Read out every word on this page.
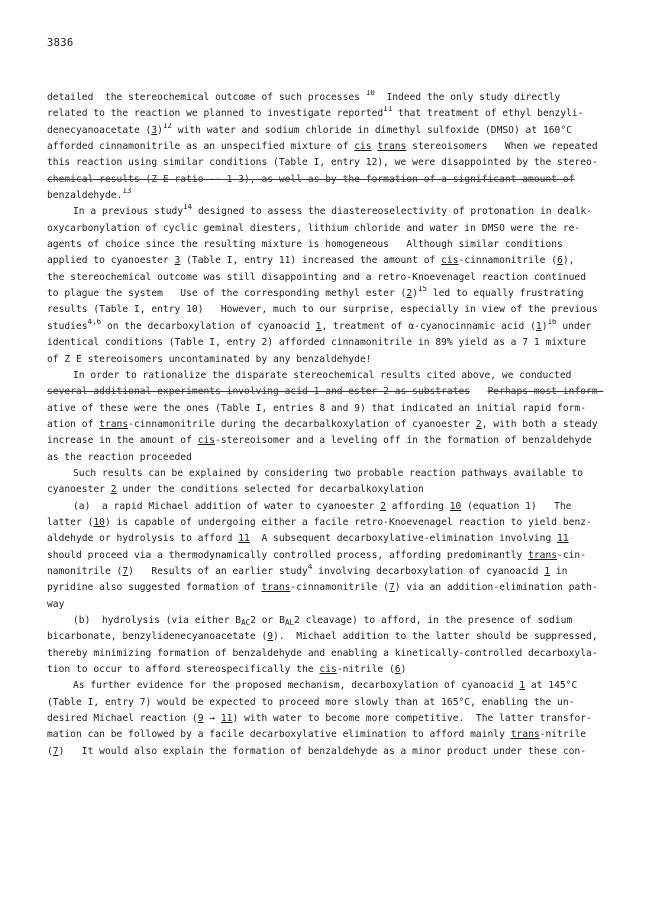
3836
detailed  the stereochemical outcome of such processes $^{10}$  Indeed the only study directly
related to the reaction we planned to investigate reported$^{11}$ that treatment of ethyl benzyli-
denecyanoacetate $(3)^{12}$ with water and sodium chloride in dimethyl sulfoxide (DMSO) at 160°C
afforded cinnamonitrile as an unspecified mixture of cis trans stereoisomers   When we repeated
this reaction using similar conditions (Table I, entry 12), we were disappointed by the stereo-
chemical results (Z E ratio -- 1 3), as well as by the formation of a significant amount of
benzaldehyde.$^{13}$
In a previous study$^{14}$ designed to assess the diastereoselectivity of protonation in dealk-
oxycarbonylation of cyclic geminal diesters, lithium chloride and water in DMSO were the re-
agents of choice since the resulting mixture is homogeneous   Although similar conditions
applied to cyanoester 3 (Table I, entry 11) increased the amount of cis-cinnamonitrile (6),
the stereochemical outcome was still disappointing and a retro-Knoevenagel reaction continued
to plague the system   Use of the corresponding methyl ester $(2)^{15}$ led to equally frustrating
results (Table I, entry 10)   However, much to our surprise, especially in view of the previous
studies$^{4,6}$ on the decarboxylation of cyanoacid 1, treatment of α-cyanocinnamic acid $(1)^{16}$ under
identical conditions (Table I, entry 2) afforded cinnamonitrile in 89% yield as a 7 1 mixture
of Z E stereoisomers uncontaminated by any benzaldehyde!
In order to rationalize the disparate stereochemical results cited above, we conducted
several additional experiments involving acid 1 and ester 2 as substrates Perhaps most inform-
ative of these were the ones (Table I, entries 8 and 9) that indicated an initial rapid form-
ation of trans-cinnamonitrile during the decarbalkoxylation of cyanoester 2, with both a steady
increase in the amount of cis-stereoisomer and a leveling off in the formation of benzaldehyde
as the reaction proceeded
Such results can be explained by considering two probable reaction pathways available to
cyanoester 2 under the conditions selected for decarbalkoxylation
(a)  a rapid Michael addition of water to cyanoester 2 affording 10 (equation 1)   The
latter (10) is capable of undergoing either a facile retro-Knoevenagel reaction to yield benz-
aldehyde or hydrolysis to afford 11  A subsequent decarboxylative-elimination involving 11
should proceed via a thermodynamically controlled process, affording predominantly trans-cin-
namonitrile (7)   Results of an earlier study$^4$ involving decarboxylation of cyanoacid 1 in
pyridine also suggested formation of trans-cinnamonitrile (7) via an addition-elimination path-
way
(b)  hydrolysis (via either $B_{AC}2$ or $B_{AL}2$ cleavage) to afford, in the presence of sodium
bicarbonate, benzylidenecyanoacetate (9).  Michael addition to the latter should be suppressed,
thereby minimizing formation of benzaldehyde and enabling a kinetically-controlled decarboxyla-
tion to occur to afford stereospecifically the cis-nitrile (6)
As further evidence for the proposed mechanism, decarboxylation of cyanoacid 1 at 145°C
(Table I, entry 7) would be expected to proceed more slowly than at 165°C, enabling the un-
desired Michael reaction (9 → 11) with water to become more competitive.  The latter transfor-
mation can be followed by a facile decarboxylative elimination to afford mainly trans-nitrile
(7)   It would also explain the formation of benzaldehyde as a minor product under these con-
